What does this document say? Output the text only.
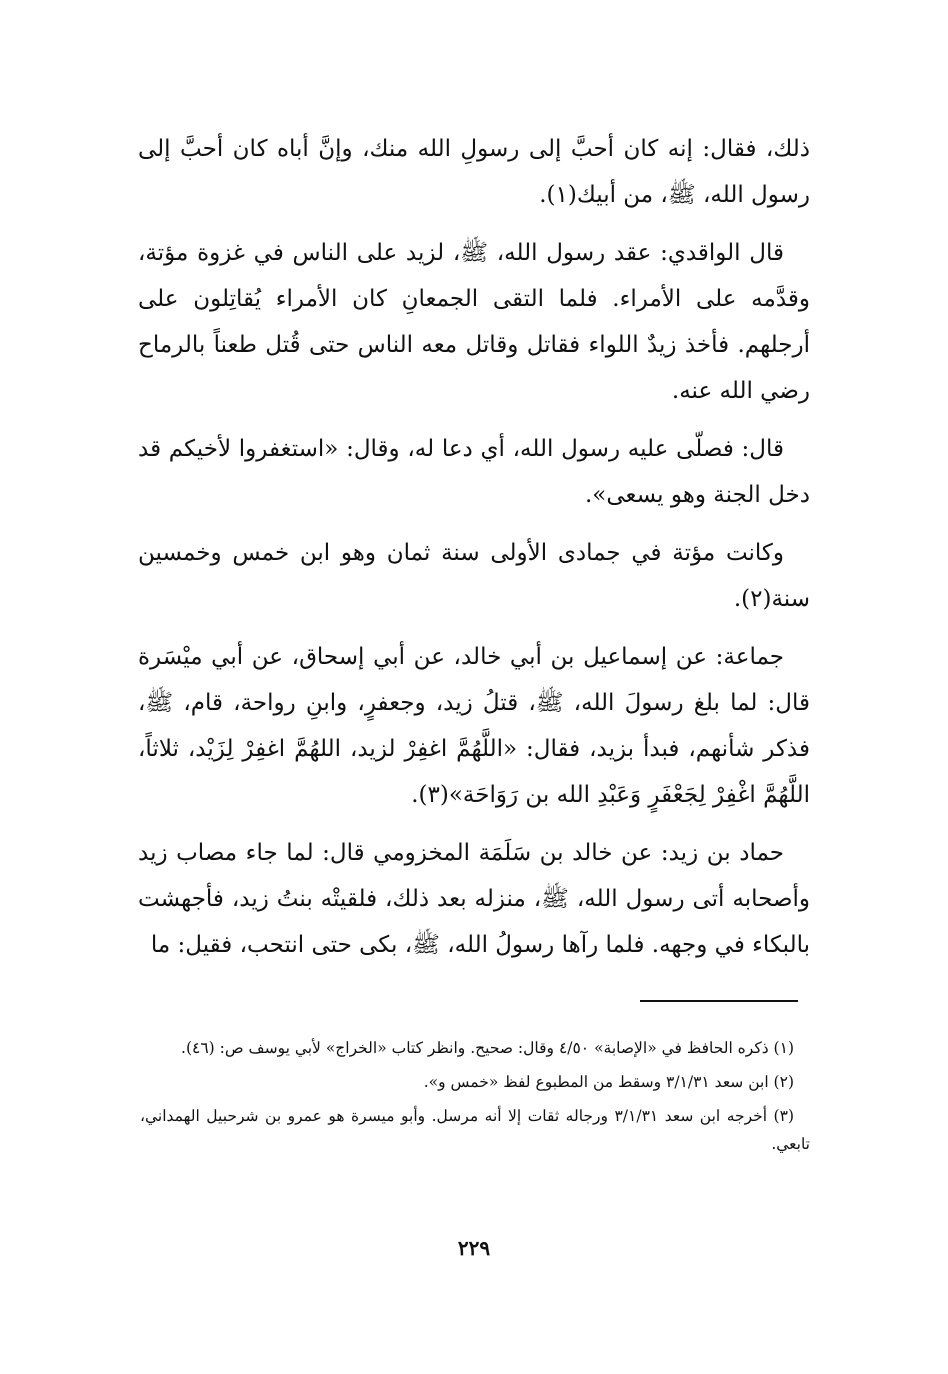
ذلك، فقال: إنه كان أحبَّ إلى رسولِ الله منك، وإنَّ أباه كان أحبَّ إلى رسول الله، ﷺ، من أبيك(١).

قال الواقدي: عقد رسول الله، ﷺ، لزيد على الناس في غزوة مؤتة، وقدَّمه على الأمراء. فلما التقى الجمعانِ كان الأمراء يُقاتِلون على أرجلهم. فأخذ زيدٌ اللواء فقاتل وقاتل معه الناس حتى قُتل طعناً بالرماح رضي الله عنه.

قال: فصلّى عليه رسول الله، أي دعا له، وقال: «استغفروا لأخيكم قد دخل الجنة وهو يسعى».

وكانت مؤتة في جمادى الأولى سنة ثمان وهو ابن خمس وخمسين سنة(٢).

جماعة: عن إسماعيل بن أبي خالد، عن أبي إسحاق، عن أبي ميْسَرة قال: لما بلغ رسولَ الله، ﷺ، قتلُ زيد، وجعفرٍ، وابنِ رواحة، قام، ﷺ، فذكر شأنهم، فبدأ بزيد، فقال: «اللَّهُمَّ اغفِرْ لزيد، اللهُمَّ اغفِرْ لِزَيْد، ثلاثاً، اللَّهُمَّ اغْفِرْ لِجَعْفَرٍ وَعَبْدِ الله بن رَوَاحَة»(٣).

حماد بن زيد: عن خالد بن سَلَمَة المخزومي قال: لما جاء مصاب زيد وأصحابه أتى رسول الله، ﷺ، منزله بعد ذلك، فلقيتْه بنتُ زيد، فأجهشت بالبكاء في وجهه. فلما رآها رسولُ الله، ﷺ، بكى حتى انتحب، فقيل: ما

(١) ذكره الحافظ في «الإصابة» ٤/٥٠ وقال: صحيح. وانظر كتاب «الخراج» لأبي يوسف ص: (٤٦).

(٢) ابن سعد ٣/١/٣١ وسقط من المطبوع لفظ «خمس و».

(٣) أخرجه ابن سعد ٣/١/٣١ ورجاله ثقات إلا أنه مرسل. وأبو ميسرة هو عمرو بن شرحبيل الهمداني، تابعي.

٢٢٩
